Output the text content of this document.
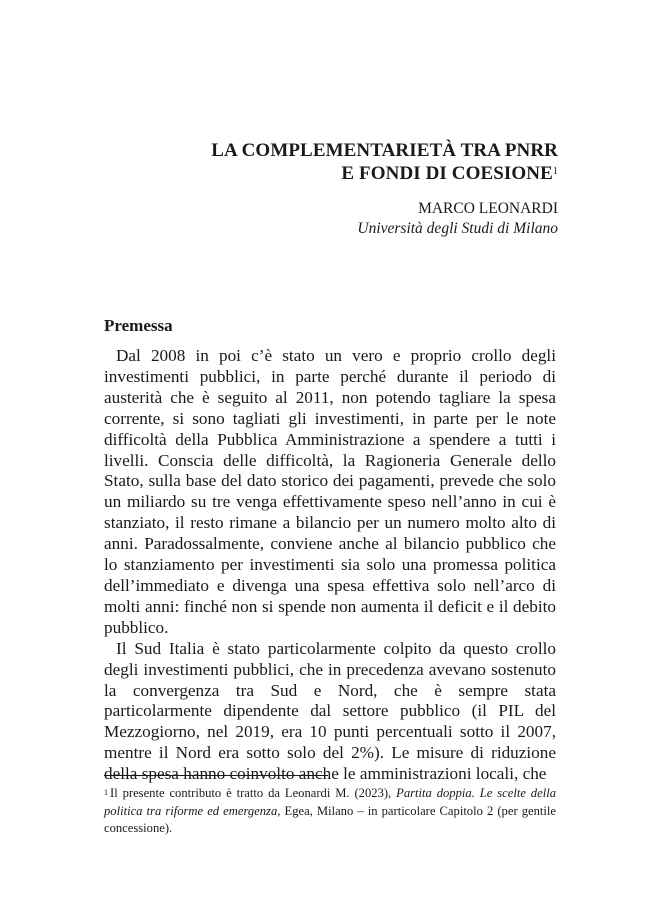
LA COMPLEMENTARIETÀ TRA PNRR
E FONDI DI COESIONE$^1$
MARCO LEONARDI
Università degli Studi di Milano
Premessa

Dal 2008 in poi c’è stato un vero e proprio crollo degli investimenti pubblici, in parte perché durante il periodo di austerità che è seguito al 2011, non potendo tagliare la spesa corrente, si sono tagliati gli investimenti, in parte per le note difficoltà della Pubblica Amministrazione a spendere a tutti i livelli. Conscia delle difficoltà, la Ragioneria Generale dello Stato, sulla base del dato storico dei pagamenti, prevede che solo un miliardo su tre venga effettivamente speso nell’anno in cui è stanziato, il resto rimane a bilancio per un numero molto alto di anni. Paradossalmente, conviene anche al bilancio pubblico che lo stanziamento per investimenti sia solo una promessa politica dell’immediato e divenga una spesa effettiva solo nell’arco di molti anni: finché non si spende non aumenta il deficit e il debito pubblico.

Il Sud Italia è stato particolarmente colpito da questo crollo degli investimenti pubblici, che in precedenza avevano sostenuto la convergenza tra Sud e Nord, che è sempre stata particolarmente dipendente dal settore pubblico (il PIL del Mezzogiorno, nel 2019, era 10 punti percentuali sotto il 2007, mentre il Nord era sotto solo del 2%). Le misure di riduzione della spesa hanno coinvolto anche le amministrazioni locali, che

$^1$ Il presente contributo è tratto da Leonardi M. (2023), Partita doppia. Le scelte della politica tra riforme ed emergenza, Egea, Milano – in particolare Capitolo 2 (per gentile concessione).
